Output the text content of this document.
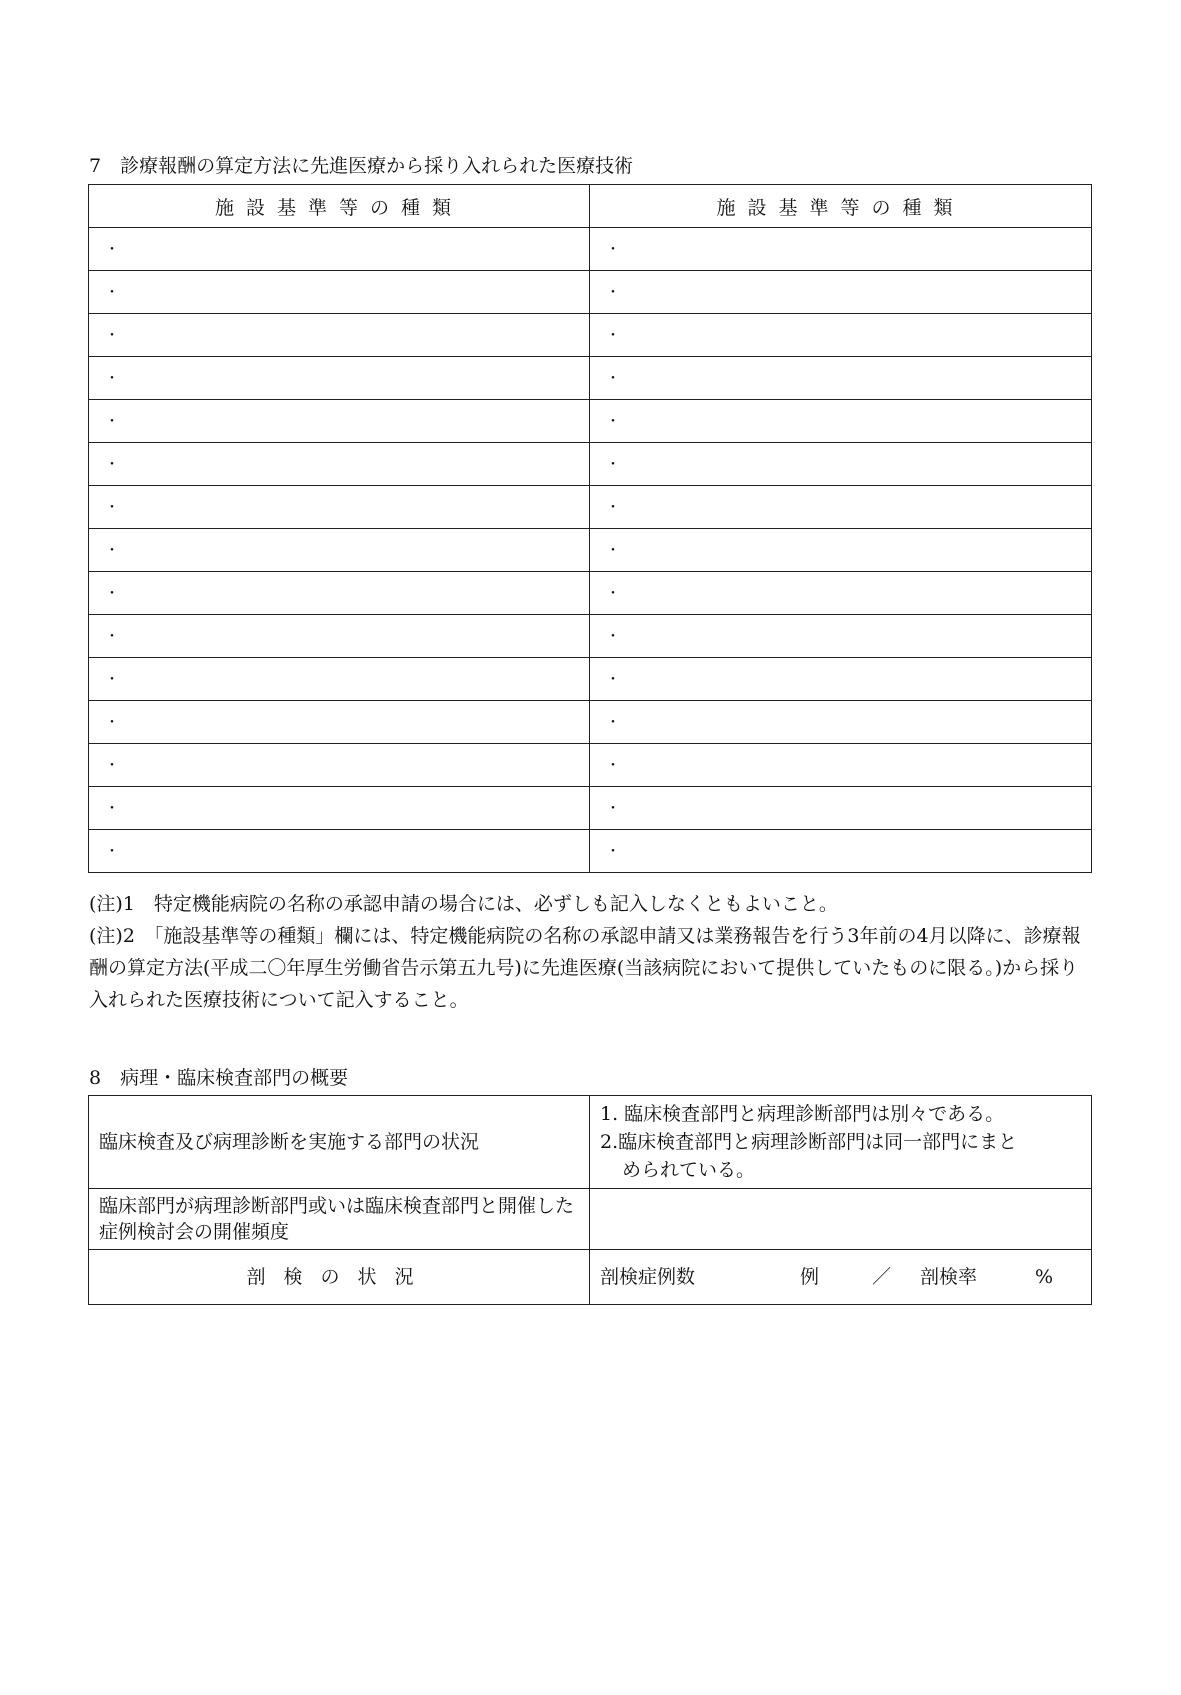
7　診療報酬の算定方法に先進医療から採り入れられた医療技術
施設基準等の種類	施設基準等の種類
・	・
・	・
・	・
・	・
・	・
・	・
・	・
・	・
・	・
・	・
・	・
・	・
・	・
・	・
・	・

(注)1　特定機能病院の名称の承認申請の場合には、必ずしも記入しなくともよいこと。

(注)2　「施設基準等の種類」欄には、特定機能病院の名称の承認申請又は業務報告を行う3年前の4月以降に、診療報酬の算定方法(平成二〇年厚生労働省告示第五九号)に先進医療(当該病院において提供していたものに限る。)から採り入れられた医療技術について記入すること。

8　病理・臨床検査部門の概要
臨床検査及び病理診断を実施する部門の状況	1. 臨床検査部門と病理診断部門は別々である。

2.臨床検査部門と病理診断部門は同一部門にまと

められている。

臨床部門が病理診断部門或いは臨床検査部門と開催した症例検討会の開催頻度	
剖検の状況	剖検症例数 例 ／ 剖検率 %
